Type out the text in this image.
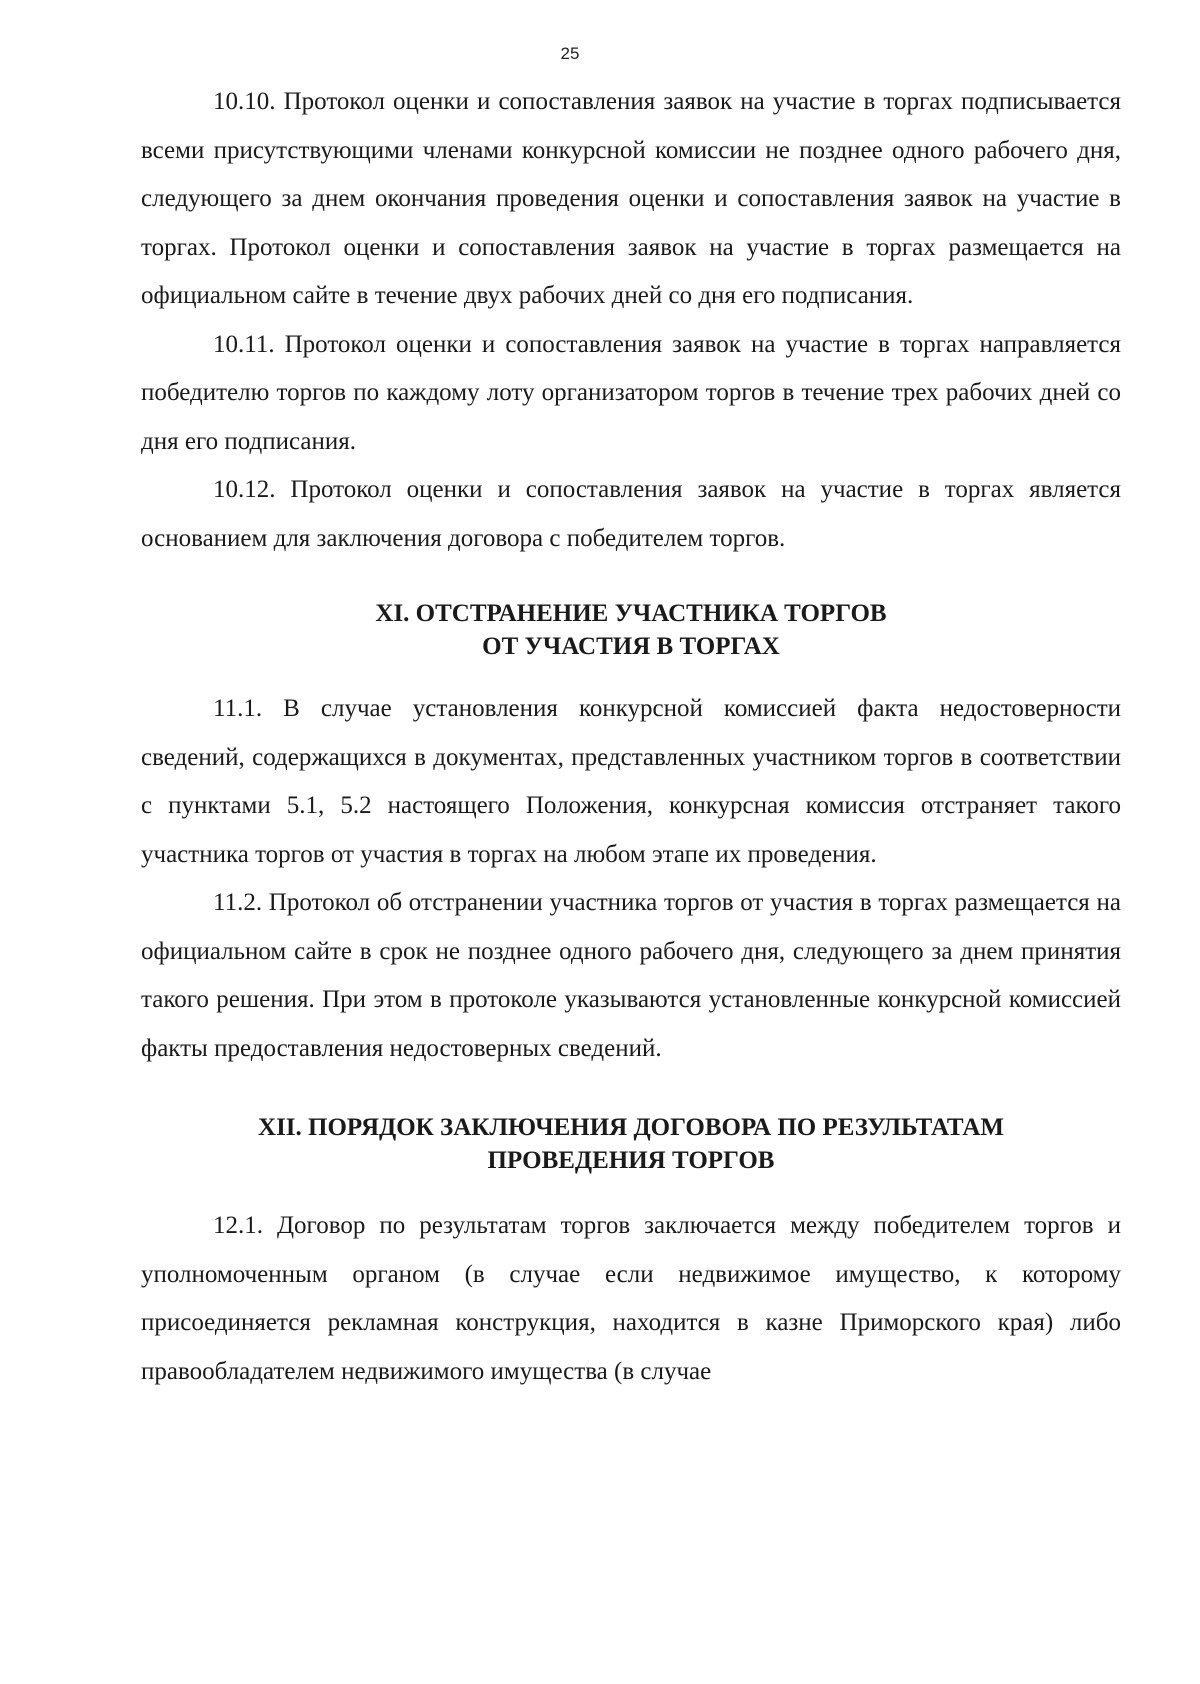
25

10.10. Протокол оценки и сопоставления заявок на участие в торгах подписывается всеми присутствующими членами конкурсной комиссии не позднее одного рабочего дня, следующего за днем окончания проведения оценки и сопоставления заявок на участие в торгах. Протокол оценки и сопоставления заявок на участие в торгах размещается на официальном сайте в течение двух рабочих дней со дня его подписания.

10.11. Протокол оценки и сопоставления заявок на участие в торгах направляется победителю торгов по каждому лоту организатором торгов в течение трех рабочих дней со дня его подписания.

10.12. Протокол оценки и сопоставления заявок на участие в торгах является основанием для заключения договора с победителем торгов.

XI. ОТСТРАНЕНИЕ УЧАСТНИКА ТОРГОВ
ОТ УЧАСТИЯ В ТОРГАХ

11.1. В случае установления конкурсной комиссией факта недостоверности сведений, содержащихся в документах, представленных участником торгов в соответствии с пунктами 5.1, 5.2 настоящего Положения, конкурсная комиссия отстраняет такого участника торгов от участия в торгах на любом этапе их проведения.

11.2. Протокол об отстранении участника торгов от участия в торгах размещается на официальном сайте в срок не позднее одного рабочего дня, следующего за днем принятия такого решения. При этом в протоколе указываются установленные конкурсной комиссией факты предоставления недостоверных сведений.

XII. ПОРЯДОК ЗАКЛЮЧЕНИЯ ДОГОВОРА ПО РЕЗУЛЬТАТАМ
ПРОВЕДЕНИЯ ТОРГОВ

12.1. Договор по результатам торгов заключается между победителем торгов и уполномоченным органом (в случае если недвижимое имущество, к которому присоединяется рекламная конструкция, находится в казне Приморского края) либо правообладателем недвижимого имущества (в случае
